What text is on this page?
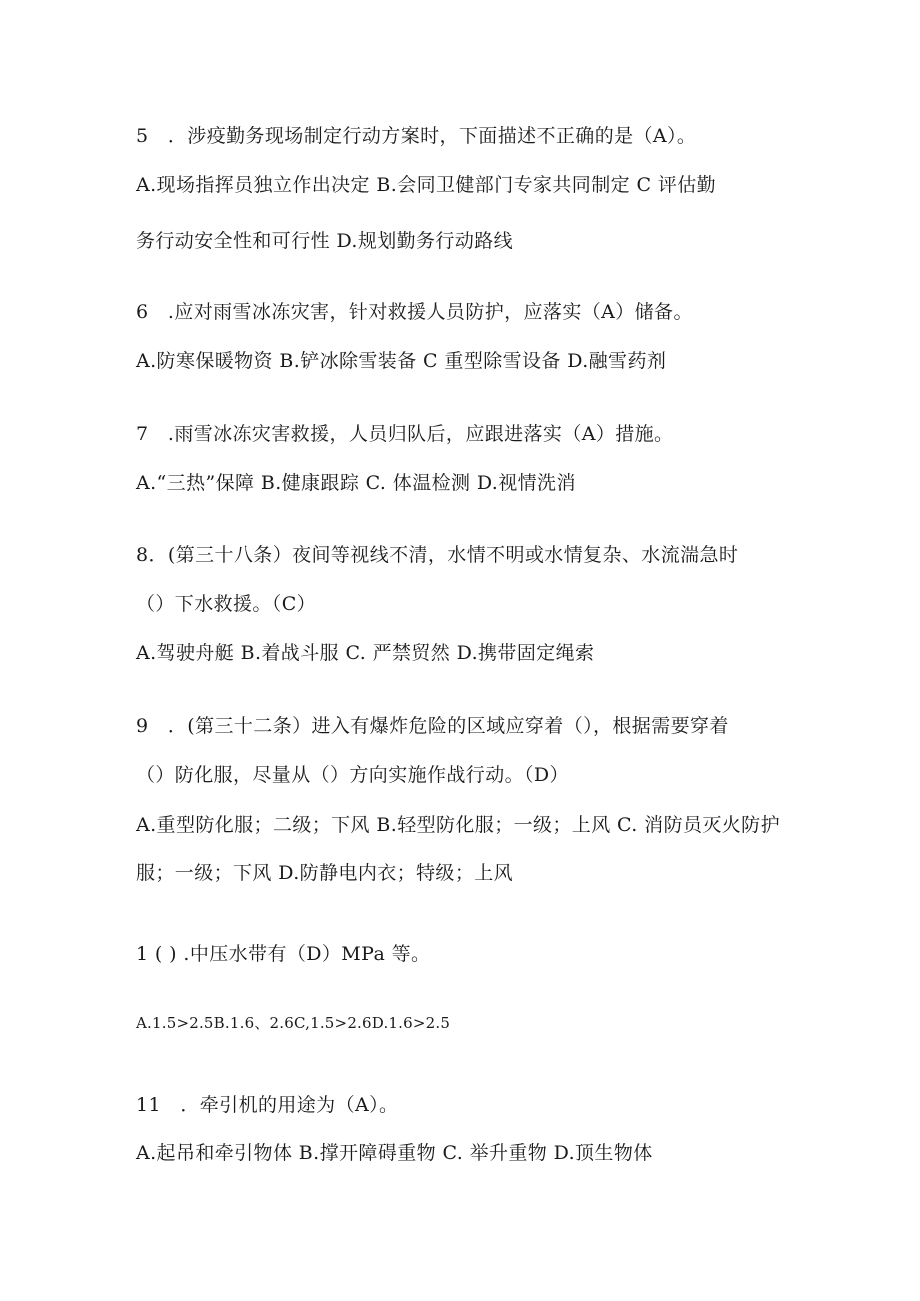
5　．涉疫勤务现场制定行动方案时，下面描述不正确的是（A）。
A.现场指挥员独立作出决定 B.会同卫健部门专家共同制定 C 评估勤
务行动安全性和可行性 D.规划勤务行动路线
6　.应对雨雪冰冻灾害，针对救援人员防护，应落实（A）储备。
A.防寒保暖物资 B.铲冰除雪装备 C 重型除雪设备 D.融雪药剂
7　.雨雪冰冻灾害救援，人员归队后，应跟进落实（A）措施。
A.“三热”保障 B.健康跟踪 C. 体温检测 D.视情洗消
8．(第三十八条）夜间等视线不清，水情不明或水情复杂、水流湍急时
（）下水救援。（C）
A.驾驶舟艇 B.着战斗服 C. 严禁贸然 D.携带固定绳索
9　．(第三十二条）进入有爆炸危险的区域应穿着（），根据需要穿着
（）防化服，尽量从（）方向实施作战行动。（D）
A.重型防化服；二级；下风 B.轻型防化服；一级；上风 C. 消防员灭火防护
服；一级；下风 D.防静电内衣；特级；上风
1 ( ) .中压水带有（D）MPa 等。
A.1.5>2.5B.1.6、2.6C,1.5>2.6D.1.6>2.5
11　．牵引机的用途为（A）。
A.起吊和牵引物体 B.撑开障碍重物 C. 举升重物 D.顶生物体
